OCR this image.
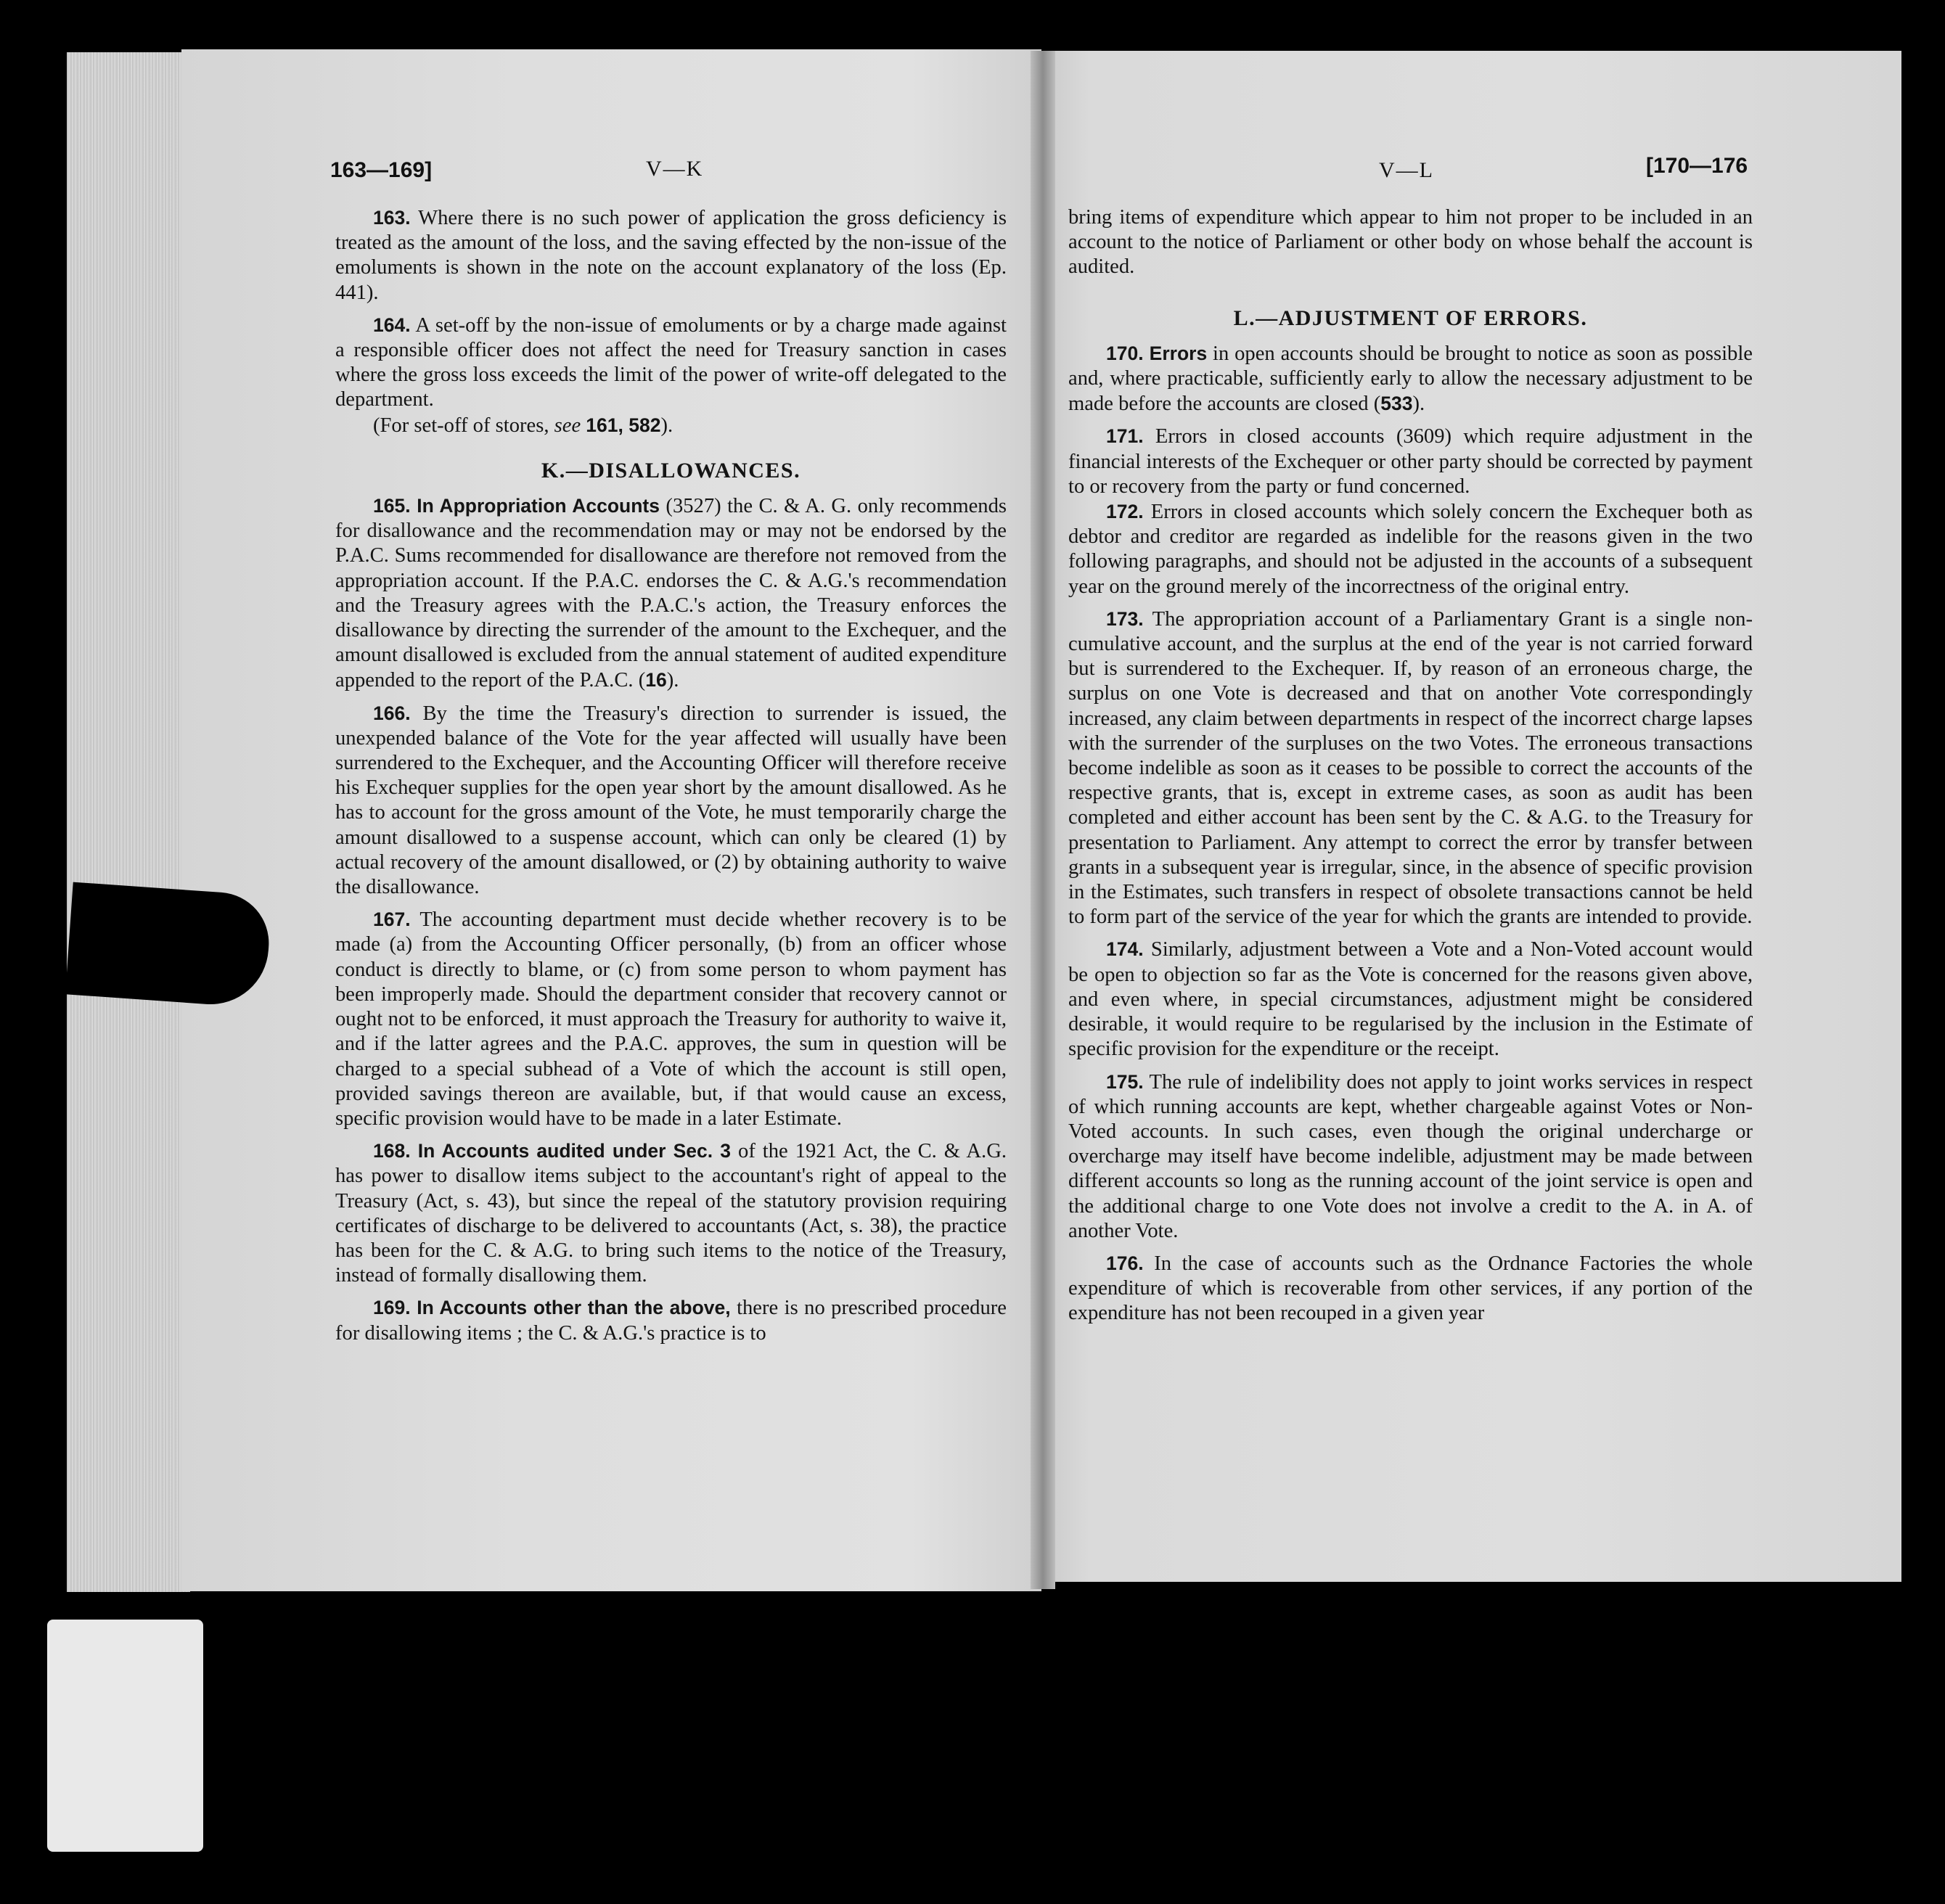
163—169]	V—K

163. Where there is no such power of application the gross deficiency is treated as the amount of the loss, and the saving effected by the non-issue of the emoluments is shown in the note on the account explanatory of the loss (Ep. 441).

164. A set-off by the non-issue of emoluments or by a charge made against a responsible officer does not affect the need for Treasury sanction in cases where the gross loss exceeds the limit of the power of write-off delegated to the department.

(For set-off of stores, see 161, 582).

K.—DISALLOWANCES.

165. In Appropriation Accounts (3527) the C. & A. G. only recommends for disallowance and the recommendation may or may not be endorsed by the P.A.C. Sums recommended for disallowance are therefore not removed from the appropriation account. If the P.A.C. endorses the C. & A.G.'s recommendation and the Treasury agrees with the P.A.C.'s action, the Treasury enforces the disallowance by directing the surrender of the amount to the Exchequer, and the amount disallowed is excluded from the annual statement of audited expenditure appended to the report of the P.A.C. (16).

166. By the time the Treasury's direction to surrender is issued, the unexpended balance of the Vote for the year affected will usually have been surrendered to the Exchequer, and the Accounting Officer will therefore receive his Exchequer supplies for the open year short by the amount disallowed. As he has to account for the gross amount of the Vote, he must temporarily charge the amount disallowed to a suspense account, which can only be cleared (1) by actual recovery of the amount disallowed, or (2) by obtaining authority to waive the disallowance.

167. The accounting department must decide whether recovery is to be made (a) from the Accounting Officer personally, (b) from an officer whose conduct is directly to blame, or (c) from some person to whom payment has been improperly made. Should the department consider that recovery cannot or ought not to be enforced, it must approach the Treasury for authority to waive it, and if the latter agrees and the P.A.C. approves, the sum in question will be charged to a special subhead of a Vote of which the account is still open, provided savings thereon are available, but, if that would cause an excess, specific provision would have to be made in a later Estimate.

168. In Accounts audited under Sec. 3 of the 1921 Act, the C. & A.G. has power to disallow items subject to the accountant's right of appeal to the Treasury (Act, s. 43), but since the repeal of the statutory provision requiring certificates of discharge to be delivered to accountants (Act, s. 38), the practice has been for the C. & A.G. to bring such items to the notice of the Treasury, instead of formally disallowing them.

169. In Accounts other than the above, there is no prescribed procedure for disallowing items ; the C. & A.G.'s practice is to

V—L	[170—176

bring items of expenditure which appear to him not proper to be included in an account to the notice of Parliament or other body on whose behalf the account is audited.

L.—ADJUSTMENT OF ERRORS.

170. Errors in open accounts should be brought to notice as soon as possible and, where practicable, sufficiently early to allow the necessary adjustment to be made before the accounts are closed (533).

171. Errors in closed accounts (3609) which require adjustment in the financial interests of the Exchequer or other party should be corrected by payment to or recovery from the party or fund concerned.

172. Errors in closed accounts which solely concern the Exchequer both as debtor and creditor are regarded as indelible for the reasons given in the two following paragraphs, and should not be adjusted in the accounts of a subsequent year on the ground merely of the incorrectness of the original entry.

173. The appropriation account of a Parliamentary Grant is a single non-cumulative account, and the surplus at the end of the year is not carried forward but is surrendered to the Exchequer. If, by reason of an erroneous charge, the surplus on one Vote is decreased and that on another Vote correspondingly increased, any claim between departments in respect of the incorrect charge lapses with the surrender of the surpluses on the two Votes. The erroneous transactions become indelible as soon as it ceases to be possible to correct the accounts of the respective grants, that is, except in extreme cases, as soon as audit has been completed and either account has been sent by the C. & A.G. to the Treasury for presentation to Parliament. Any attempt to correct the error by transfer between grants in a subsequent year is irregular, since, in the absence of specific provision in the Estimates, such transfers in respect of obsolete transactions cannot be held to form part of the service of the year for which the grants are intended to provide.

174. Similarly, adjustment between a Vote and a Non-Voted account would be open to objection so far as the Vote is concerned for the reasons given above, and even where, in special circumstances, adjustment might be considered desirable, it would require to be regularised by the inclusion in the Estimate of specific provision for the expenditure or the receipt.

175. The rule of indelibility does not apply to joint works services in respect of which running accounts are kept, whether chargeable against Votes or Non-Voted accounts. In such cases, even though the original undercharge or overcharge may itself have become indelible, adjustment may be made between different accounts so long as the running account of the joint service is open and the additional charge to one Vote does not involve a credit to the A. in A. of another Vote.

176. In the case of accounts such as the Ordnance Factories the whole expenditure of which is recoverable from other services, if any portion of the expenditure has not been recouped in a given year
